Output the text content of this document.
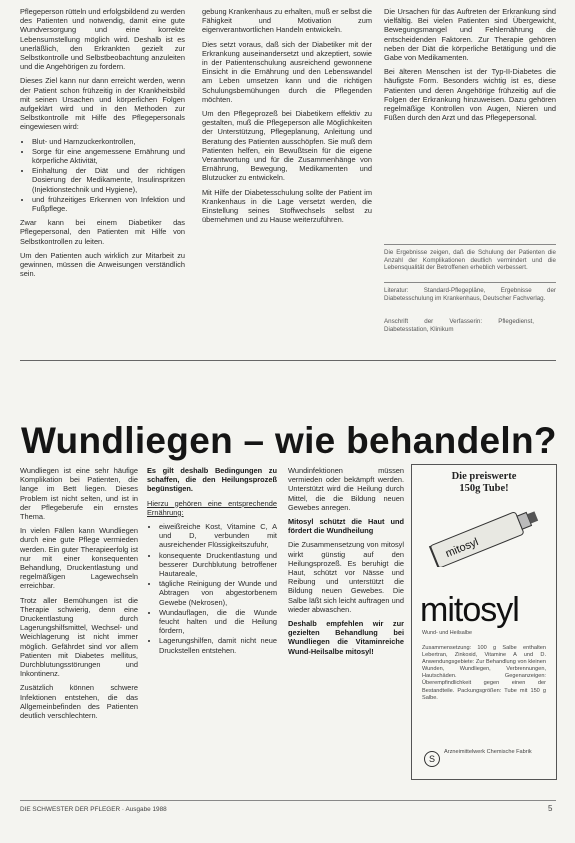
Pflegeperson rütteln und erfolgsbildend zu werden des Patienten und notwendig, damit eine gute Wundversorgung und eine korrekte Lebensumstellung möglich wird. Deshalb ist es unerläßlich, den Erkrankten gezielt zur Selbstkontrolle und Selbstbeobachtung anzuleiten und die Angehörigen zu fordern.

Dieses Ziel kann nur dann erreicht werden, wenn der Patient schon frühzeitig in der Krankheitsbild mit seinen Ursachen und körperlichen Folgen aufgeklärt wird und in den Methoden zur Selbstkontrolle mit Hilfe des Pflegepersonals eingewiesen wird:

• Blut- und Harnzuckerkontrollen,
• Sorge für eine angemessene Ernährung und körperliche Aktivität,
• Einhaltung der Diät und der richtigen Dosierung der Medikamente, Insulinspritzen (Injektionstechnik und Hygiene),
• und frühzeitiges Erkennen von Infektion und Fußpflege.

Zwar kann bei einem Diabetiker das Pflegepersonal, den Patienten mit Hilfe von Selbstkontrollen zu leiten.

Um den Patienten auch wirklich zur Mitarbeit zu gewinnen, müssen die Anweisungen verständlich sein.

gebung Krankenhaus zu erhalten, muß er selbst die Fähigkeit und Motivation zum eigenverantwortlichen Handeln entwickeln.

Dies setzt voraus, daß sich der Diabetiker mit der Erkrankung auseinandersetzt und akzeptiert, sowie in der Patientenschulung ausreichend gewonnene Einsicht in die Ernährung und den Lebenswandel am Leben umsetzen kann und die richtigen Schulungsbemühungen durch die Pflegenden möchten.

Um den Pflegeprozeß bei Diabetikern effektiv zu gestalten, muß die Pflegeperson alle Möglichkeiten der Unterstützung, Pflegeplanung, Anleitung und Beratung des Patienten ausschöpfen. Sie muß dem Patienten helfen, ein Bewußtsein für die eigene Verantwortung und für die Zusammenhänge von Ernährung, Bewegung, Medikamenten und Blutzucker zu entwickeln.

Mit Hilfe der Diabetesschulung sollte der Patient im Krankenhaus in die Lage versetzt werden, die Einstellung seines Stoffwechsels selbst zu übernehmen und zu Hause weiterzuführen.

Die Ursachen für das Auftreten der Erkrankung sind vielfältig. Bei vielen Patienten sind Übergewicht, Bewegungsmangel und Fehlernährung die entscheidenden Faktoren. Zur Therapie gehören neben der Diät die körperliche Betätigung und die Gabe von Medikamenten.

Bei älteren Menschen ist der Typ-II-Diabetes die häufigste Form. Besonders wichtig ist es, diese Patienten und deren Angehörige frühzeitig auf die Folgen der Erkrankung hinzuweisen. Dazu gehören regelmäßige Kontrollen von Augen, Nieren und Füßen durch den Arzt und das Pflegepersonal.

Die Ergebnisse zeigen, daß die Schulung der Patienten die Anzahl der Komplikationen deutlich vermindert und die Lebensqualität der Betroffenen erheblich verbessert.

Literatur: Standard-Pflegepläne, Ergebnisse der Diabetesschulung im Krankenhaus, Deutscher Fachverlag.

Anschrift der Verfasserin: Pflegedienst, Diabetesstation, Klinikum

Wundliegen – wie behandeln?

Wundliegen ist eine sehr häufige Komplikation bei Patienten, die lange im Bett liegen. Dieses Problem ist nicht selten, und ist in der Pflegeberufe ein ernstes Thema.

In vielen Fällen kann Wundliegen durch eine gute Pflege vermieden werden. Ein guter Therapieerfolg ist nur mit einer konsequenten Behandlung, Druckentlastung und regelmäßigen Lagewechseln erreichbar.

Trotz aller Bemühungen ist die Therapie schwierig, denn eine Druckentlastung durch Lagerungshilfsmittel, Wechsel- und Weichlagerung ist nicht immer möglich. Gefährdet sind vor allem Patienten mit Diabetes mellitus, Durchblutungsstörungen und Inkontinenz.

Zusätzlich können schwere Infektionen entstehen, die das Allgemeinbefinden des Patienten deutlich verschlechtern.

Es gilt deshalb Bedingungen zu schaffen, die den Heilungsprozeß begünstigen.

Hierzu gehören eine entsprechende Ernährung:

• eiweißreiche Kost, Vitamine C, A und D, verbunden mit ausreichender Flüssigkeitszufuhr,
• konsequente Druckentlastung und besserer Durchblutung betroffener Hautareale,
• tägliche Reinigung der Wunde und Abtragen von abgestorbenem Gewebe (Nekrosen),
• Wundauflagen, die die Wunde feucht halten und die Heilung fördern,
• Lagerungshilfen, damit nicht neue Druckstellen entstehen.

Wundinfektionen müssen vermieden oder bekämpft werden. Unterstützt wird die Heilung durch Mittel, die die Bildung neuen Gewebes anregen.

Mitosyl schützt die Haut und fördert die Wundheilung

Die Zusammensetzung von mitosyl wirkt günstig auf den Heilungsprozeß. Es beruhigt die Haut, schützt vor Nässe und Reibung und unterstützt die Bildung neuen Gewebes. Die Salbe läßt sich leicht auftragen und wieder abwaschen.

Deshalb empfehlen wir zur gezielten Behandlung bei Wundliegen die Vitaminreiche Wund-Heilsalbe mitosyl!

Die preiswerte
150g Tube!
mitosyl
mitosyl
Wund- und Heilsalbe
Zusammensetzung: 100 g Salbe enthalten Lebertran, Zinkoxid, Vitamine A und D. Anwendungsgebiete: Zur Behandlung von kleinen Wunden, Wundliegen, Verbrennungen, Hautschäden. Gegenanzeigen: Überempfindlichkeit gegen einen der Bestandteile. Packungsgrößen: Tube mit 150 g Salbe.
S
Arzneimittelwerk Chemische Fabrik
DIE SCHWESTER DER PFLEGER · Ausgabe 1988	5
